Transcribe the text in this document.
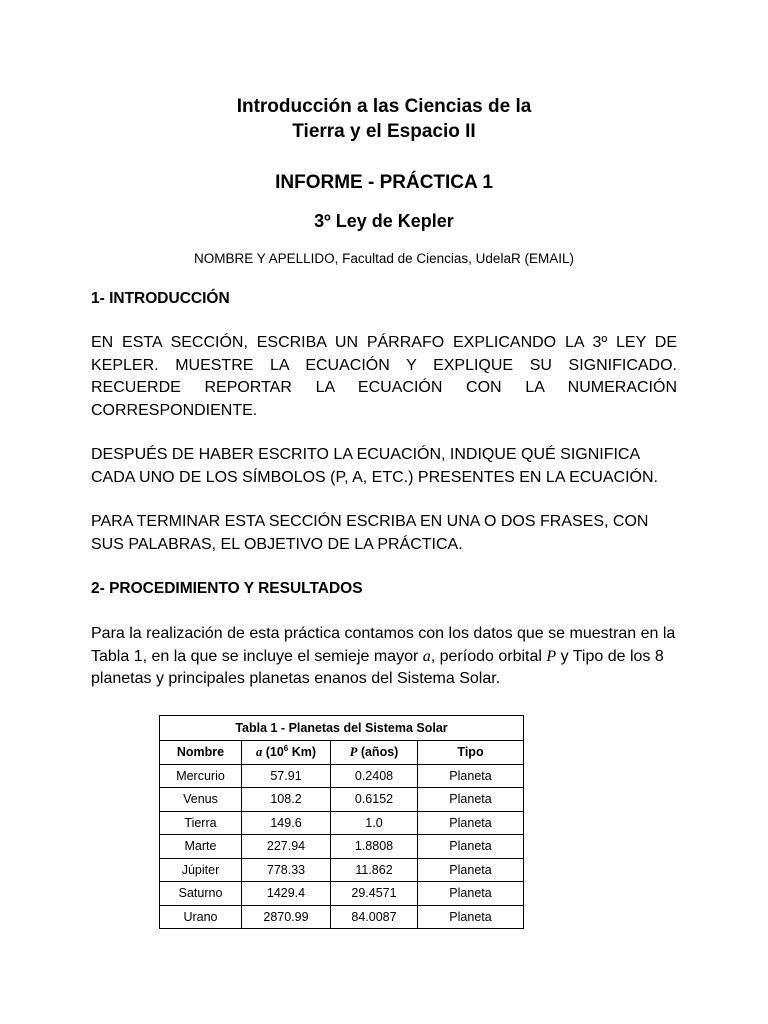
Introducción a las Ciencias de la
Tierra y el Espacio II
INFORME - PRÁCTICA 1
3º Ley de Kepler
NOMBRE Y APELLIDO, Facultad de Ciencias, UdelaR (EMAIL)
1- INTRODUCCIÓN
EN ESTA SECCIÓN, ESCRIBA UN PÁRRAFO EXPLICANDO LA 3º LEY DE KEPLER. MUESTRE LA ECUACIÓN Y EXPLIQUE SU SIGNIFICADO. RECUERDE REPORTAR LA ECUACIÓN CON LA NUMERACIÓN CORRESPONDIENTE.
DESPUÉS DE HABER ESCRITO LA ECUACIÓN, INDIQUE QUÉ SIGNIFICA CADA UNO DE LOS SÍMBOLOS (P, A, ETC.) PRESENTES EN LA ECUACIÓN.
PARA TERMINAR ESTA SECCIÓN ESCRIBA EN UNA O DOS FRASES, CON SUS PALABRAS, EL OBJETIVO DE LA PRÁCTICA.
2- PROCEDIMIENTO Y RESULTADOS
Para la realización de esta práctica contamos con los datos que se muestran en la Tabla 1, en la que se incluye el semieje mayor a, período orbital P y Tipo de los 8 planetas y principales planetas enanos del Sistema Solar.
Tabla 1 - Planetas del Sistema Solar			
Nombre	a ($10^6$ Km)	P (años)	Tipo
Mercurio	57.91	0.2408	Planeta
Venus	108.2	0.6152	Planeta
Tierra	149.6	1.0	Planeta
Marte	227.94	1.8808	Planeta
Júpiter	778.33	11.862	Planeta
Saturno	1429.4	29.4571	Planeta
Urano	2870.99	84.0087	Planeta
